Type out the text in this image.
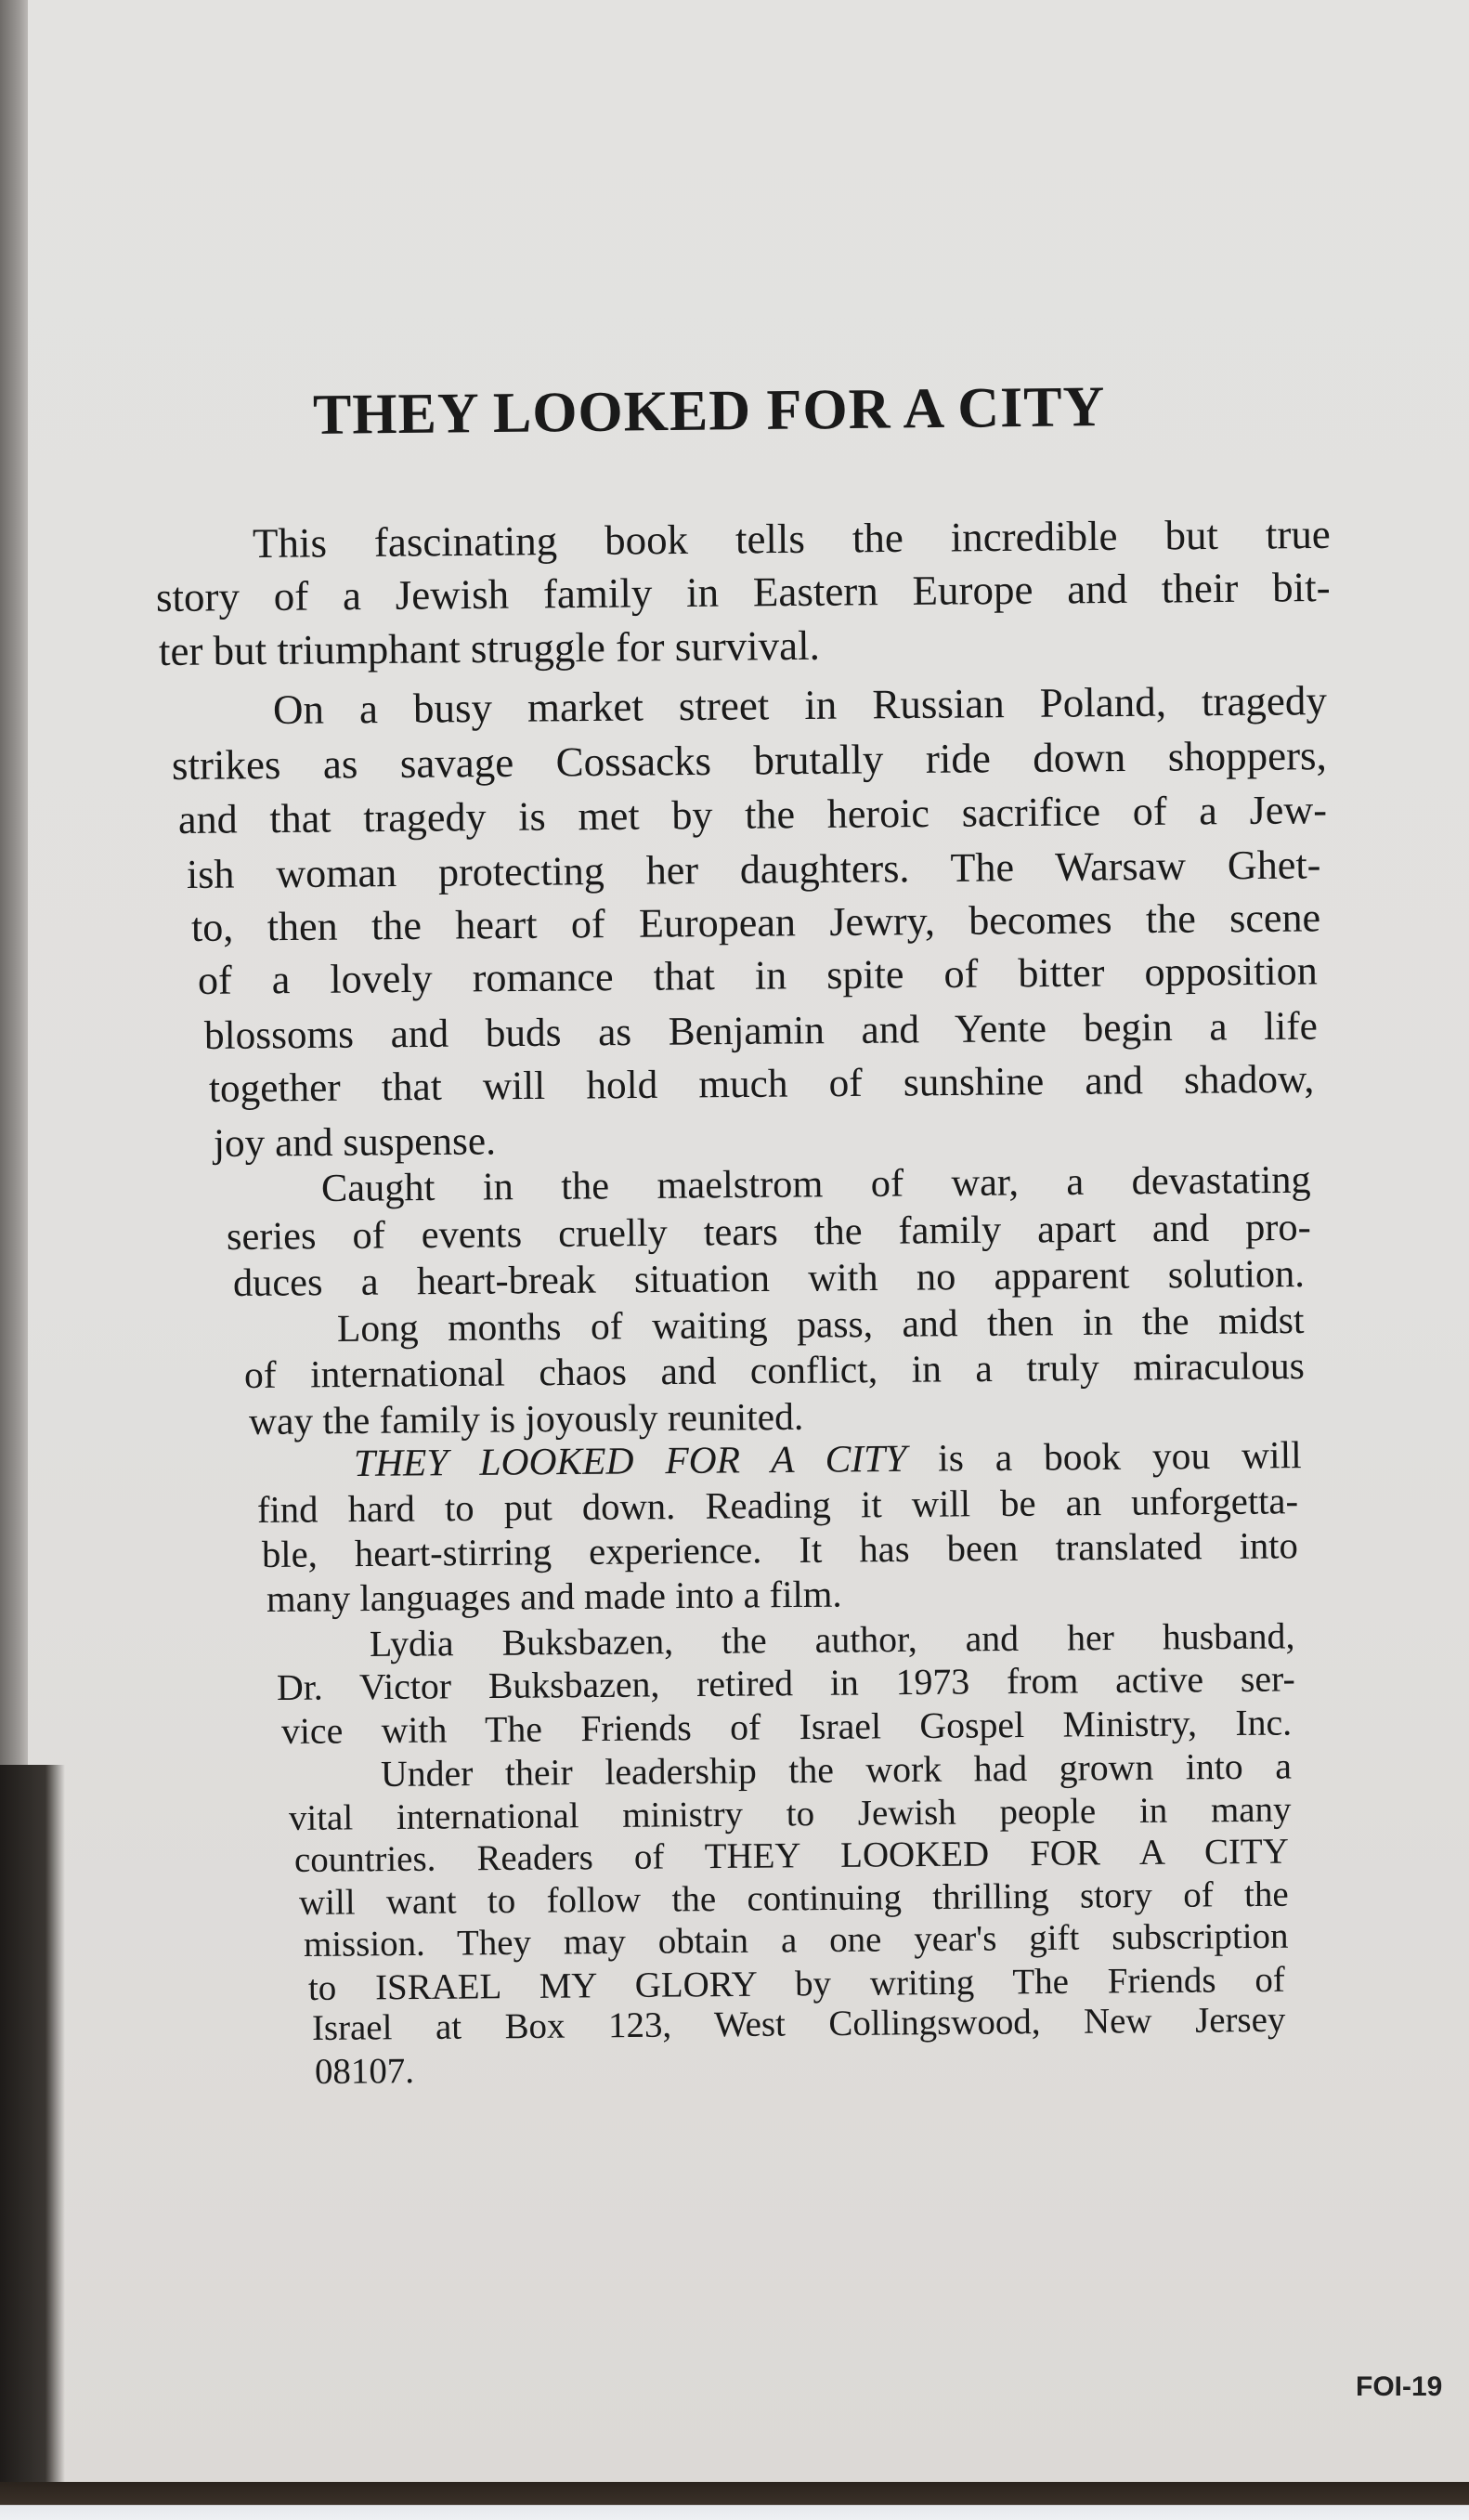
THEY LOOKED FOR A CITY
This fascinating book tells the incredible but true
story of a Jewish family in Eastern Europe and their bit-
ter but triumphant struggle for survival.
On a busy market street in Russian Poland, tragedy
strikes as savage Cossacks brutally ride down shoppers,
and that tragedy is met by the heroic sacrifice of a Jew-
ish woman protecting her daughters. The Warsaw Ghet-
to, then the heart of European Jewry, becomes the scene
of a lovely romance that in spite of bitter opposition
blossoms and buds as Benjamin and Yente begin a life
together that will hold much of sunshine and shadow,
joy and suspense.
Caught in the maelstrom of war, a devastating
series of events cruelly tears the family apart and pro-
duces a heart-break situation with no apparent solution.
Long months of waiting pass, and then in the midst
of international chaos and conflict, in a truly miraculous
way the family is joyously reunited.
THEY LOOKED FOR A CITY is a book you will
find hard to put down. Reading it will be an unforgetta-
ble, heart-stirring experience. It has been translated into
many languages and made into a film.
Lydia Buksbazen, the author, and her husband,
Dr. Victor Buksbazen, retired in 1973 from active ser-
vice with The Friends of Israel Gospel Ministry, Inc.
Under their leadership the work had grown into a
vital international ministry to Jewish people in many
countries. Readers of THEY LOOKED FOR A CITY
will want to follow the continuing thrilling story of the
mission. They may obtain a one year's gift subscription
to ISRAEL MY GLORY by writing The Friends of
Israel at Box 123, West Collingswood, New Jersey
08107.
FOI-19
